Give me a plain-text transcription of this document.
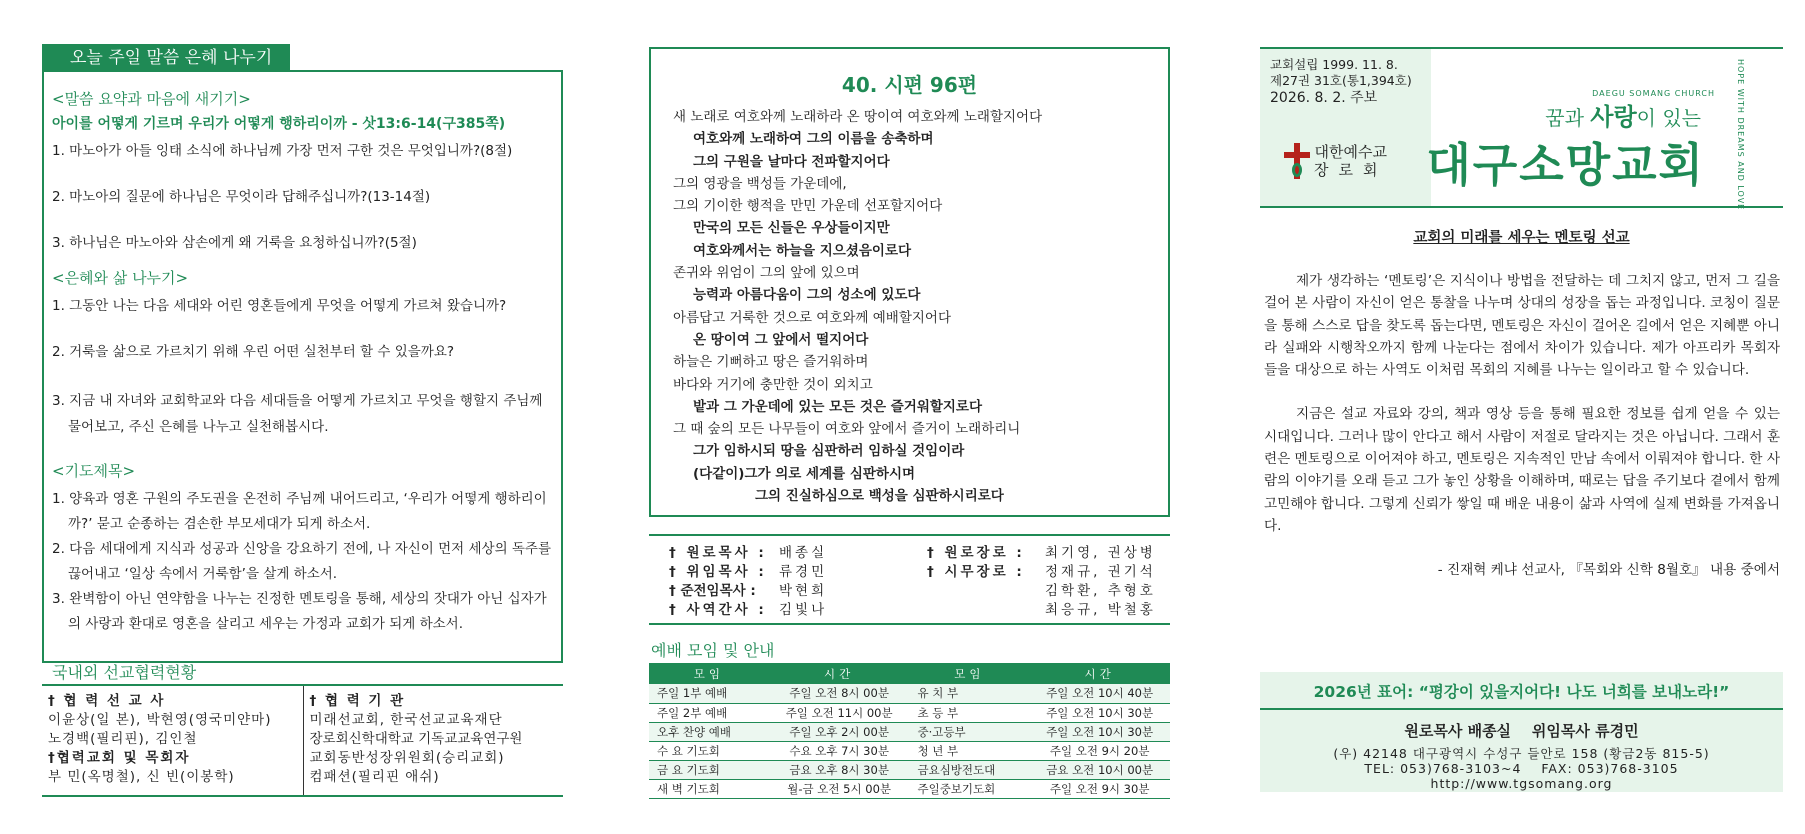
오늘 주일 말씀 은혜 나누기
<말씀 요약과 마음에 새기기>
아이를 어떻게 기르며 우리가 어떻게 행하리이까 - 삿13:6-14(구385쪽)
1. 마노아가 아들 잉태 소식에 하나님께 가장 먼저 구한 것은 무엇입니까?(8절)
2. 마노아의 질문에 하나님은 무엇이라 답해주십니까?(13-14절)
3. 하나님은 마노아와 삼손에게 왜 거룩을 요청하십니까?(5절)
<은혜와 삶 나누기>
1. 그동안 나는 다음 세대와 어린 영혼들에게 무엇을 어떻게 가르쳐 왔습니까?
2. 거룩을 삶으로 가르치기 위해 우린 어떤 실천부터 할 수 있을까요?
3. 지금 내 자녀와 교회학교와 다음 세대들을 어떻게 가르치고 무엇을 행할지 주님께 물어보고, 주신 은혜를 나누고 실천해봅시다.
<기도제목>
1. 양육과 영혼 구원의 주도권을 온전히 주님께 내어드리고, ‘우리가 어떻게 행하리이까?’ 묻고 순종하는 겸손한 부모세대가 되게 하소서.
2. 다음 세대에게 지식과 성공과 신앙을 강요하기 전에, 나 자신이 먼저 세상의 독주를 끊어내고 ‘일상 속에서 거룩함’을 살게 하소서.
3. 완벽함이 아닌 연약함을 나누는 진정한 멘토링을 통해, 세상의 잣대가 아닌 십자가의 사랑과 환대로 영혼을 살리고 세우는 가정과 교회가 되게 하소서.
국내외 선교협력현황
† 협 력 선 교 사
이윤상(일 본), 박현영(영국미얀마)
노경백(필리핀), 김인철
†협력교회 및 목회자
부 민(옥명철), 신 빈(이봉학)
† 협 력 기 관
미래선교회, 한국선교교육재단
장로회신학대학교 기독교교육연구원
교회동반성장위원회(승리교회)
컴패션(필리핀 애쉬)
40. 시편 96편
새 노래로 여호와께 노래하라 온 땅이여 여호와께 노래할지어다
여호와께 노래하여 그의 이름을 송축하며
그의 구원을 날마다 전파할지어다
그의 영광을 백성들 가운데에,
그의 기이한 행적을 만민 가운데 선포할지어다
만국의 모든 신들은 우상들이지만
여호와께서는 하늘을 지으셨음이로다
존귀와 위엄이 그의 앞에 있으며
능력과 아름다움이 그의 성소에 있도다
아름답고 거룩한 것으로 여호와께 예배할지어다
온 땅이여 그 앞에서 떨지어다
하늘은 기뻐하고 땅은 즐거워하며
바다와 거기에 충만한 것이 외치고
밭과 그 가운데에 있는 모든 것은 즐거워할지로다
그 때 숲의 모든 나무들이 여호와 앞에서 즐거이 노래하리니
그가 임하시되 땅을 심판하러 임하실 것임이라
(다같이)그가 의로 세계를 심판하시며
그의 진실하심으로 백성을 심판하시리로다
† 원로목사 : 배종실	† 원로장로 :	최기영, 권상병
† 위임목사 : 류경민	† 시무장로 :	정재규, 권기석
† 준전임목사 :	박현희	김학환, 추형호
† 사역간사 : 김빛나	최응규, 박철홍
예배 모임 및 안내
모임	시간	모임	시간
주일 1부 예배	주일 오전 8시 00분	유 치 부	주일 오전 10시 40분
주일 2부 예배	주일 오전 11시 00분	초 등 부	주일 오전 10시 30분
오후 찬양 예배	주일 오후 2시 00분	중·고등부	주일 오전 10시 30분
수 요 기도회	수요 오후 7시 30분	청 년 부	주일 오전 9시 20분
금 요 기도회	금요 오후 8시 30분	금요심방전도대	금요 오전 10시 00분
새 벽 기도회	월-금 오전 5시 00분	주일중보기도회	주일 오전 9시 30분
교회설립 1999. 11. 8.
제27권 31호(통1,394호)
2026. 8. 2. 주보
대한예수교
장로회
DAEGU SOMANG CHURCH
꿈과 사랑이 있는
대구소망교회	HOPE WITH DREAMS AND LOVE
교회의 미래를 세우는 멘토링 선교

제가 생각하는 ‘멘토링’은 지식이나 방법을 전달하는 데 그치지 않고, 먼저 그 길을 걸어 본 사람이 자신이 얻은 통찰을 나누며 상대의 성장을 돕는 과정입니다. 코칭이 질문을 통해 스스로 답을 찾도록 돕는다면, 멘토링은 자신이 걸어온 길에서 얻은 지혜뿐 아니라 실패와 시행착오까지 함께 나눈다는 점에서 차이가 있습니다. 제가 아프리카 목회자들을 대상으로 하는 사역도 이처럼 목회의 지혜를 나누는 일이라고 할 수 있습니다.

지금은 설교 자료와 강의, 책과 영상 등을 통해 필요한 정보를 쉽게 얻을 수 있는 시대입니다. 그러나 많이 안다고 해서 사람이 저절로 달라지는 것은 아닙니다. 그래서 훈련은 멘토링으로 이어져야 하고, 멘토링은 지속적인 만남 속에서 이뤄져야 합니다. 한 사람의 이야기를 오래 듣고 그가 놓인 상황을 이해하며, 때로는 답을 주기보다 곁에서 함께 고민해야 합니다. 그렇게 신뢰가 쌓일 때 배운 내용이 삶과 사역에 실제 변화를 가져옵니다.

- 진재혁 케냐 선교사, 『목회와 신학 8월호』 내용 중에서
2026년 표어: “평강이 있을지어다! 나도 너희를 보내노라!”
원로목사 배종실    위임목사 류경민
(우) 42148 대구광역시 수성구 들안로 158 (황금2동 815-5)
TEL: 053)768-3103~4    FAX: 053)768-3105
http://www.tgsomang.org
